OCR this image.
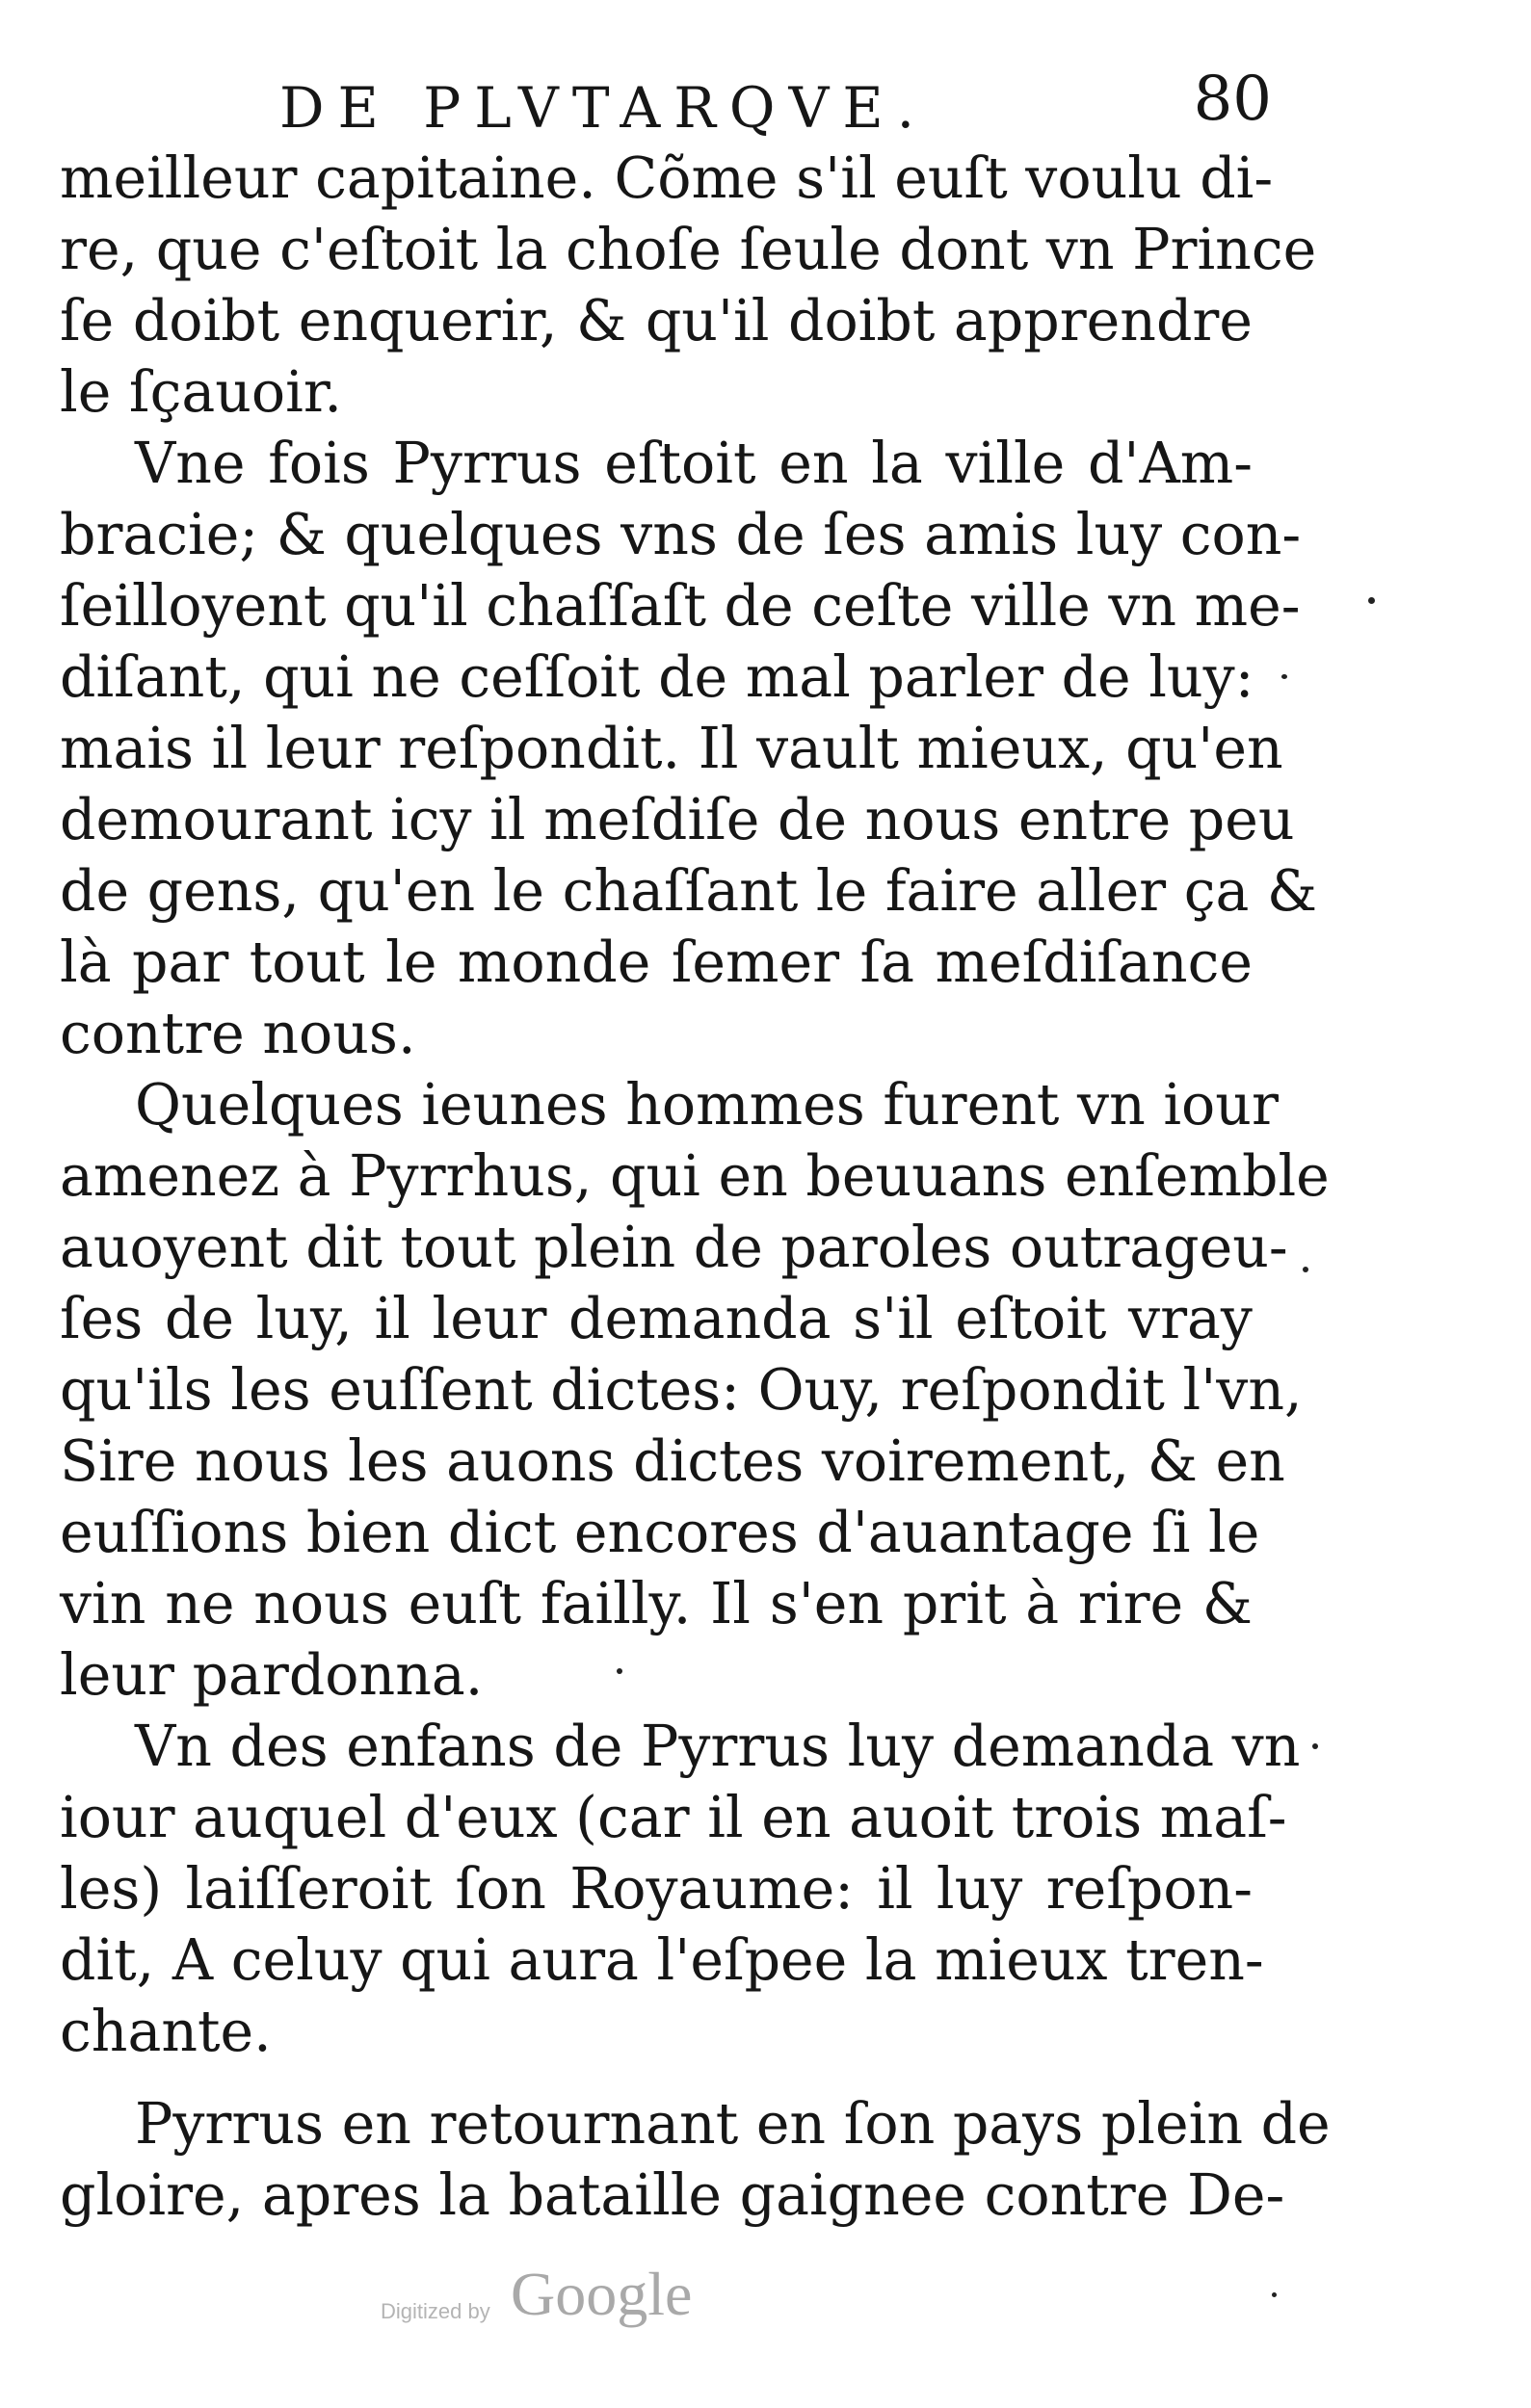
DE PLVTARQVE.	80
meilleur capitaine. Cõme s'il euſt voulu di-
re, que c'eſtoit la choſe ſeule dont vn Prince
ſe doibt enquerir, & qu'il doibt apprendre
le ſçauoir.
Vne fois Pyrrus eſtoit en la ville d'Am-
bracie; & quelques vns de ſes amis luy con-
ſeilloyent qu'il chaſſaſt de ceſte ville vn me-
diſant, qui ne ceſſoit de mal parler de luy:
mais il leur reſpondit. Il vault mieux, qu'en
demourant icy il meſdiſe de nous entre peu
de gens, qu'en le chaſſant le faire aller ça &
là par tout le monde ſemer ſa meſdiſance
contre nous.
Quelques ieunes hommes furent vn iour
amenez à Pyrrhus, qui en beuuans enſemble
auoyent dit tout plein de paroles outrageu-
ſes de luy, il leur demanda s'il eſtoit vray
qu'ils les euſſent dictes: Ouy, reſpondit l'vn,
Sire nous les auons dictes voirement, & en
euſſions bien dict encores d'auantage ſi le
vin ne nous euſt failly. Il s'en prit à rire &
leur pardonna.
Vn des enfans de Pyrrus luy demanda vn
iour auquel d'eux (car il en auoit trois maſ-
les) laiſſeroit ſon Royaume: il luy reſpon-
dit, A celuy qui aura l'eſpee la mieux tren-
chante.
Pyrrus en retournant en ſon pays plein de
gloire, apres la bataille gaignee contre De-
Digitized by Google
